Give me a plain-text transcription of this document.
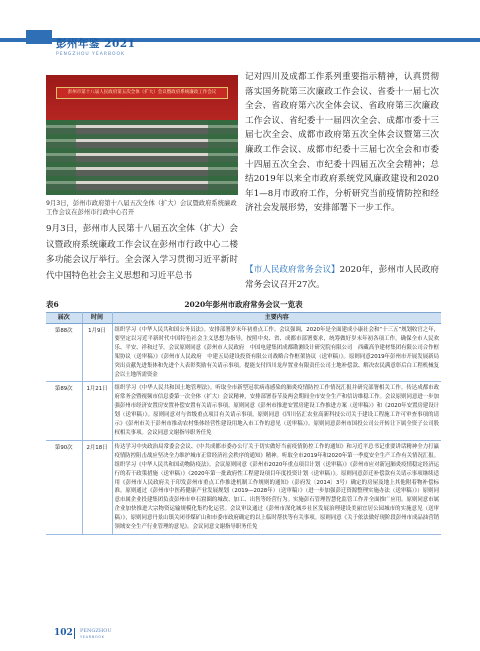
彭州年鉴 2021
PENGZHOU YEARBOOK
彭州市第十八届人民政府第五次全体（扩大）会议暨政府系统廉政工作会议
9月3日，彭州市政府第十八届五次全体（扩大）会议暨政府系统廉政工作会议在彭州市行政中心召开
9月3日，彭州市人民第十八届五次全体（扩大）会议暨政府系统廉政工作会议在彭州市行政中心二楼多功能会议厅举行。全会深入学习贯彻习近平新时代中国特色社会主义思想和习近平总书
记对四川及成都工作系列重要指示精神，认真贯彻落实国务院第三次廉政工作会议、省委十一届七次全会、省政府第六次全体会议、省政府第三次廉政工作会议、省纪委十一届四次全会、成都市委十三届七次全会、成都市政府第五次全体会议暨第三次廉政工作会议、成都市纪委十三届七次全会和市委十四届五次全会、市纪委十四届五次全会精神；总结2019年以来全市政府系统党风廉政建设和2020年1—8月市政府工作，分析研究当前疫情防控和经济社会发展形势，安排部署下一步工作。
【市人民政府常务会议】2020年，彭州市人民政府常务会议召开27次。
表6	2020年彭州市政府常务会议一览表
届次	时间	主要内容
第88次	1月9日	组织学习《中华人民共和国公务员法》。安排部署岁末年初重点工作。会议强调，2020年是全面建成小康社会和“十三五”规划收官之年，要坚定以习近平新时代中国特色社会主义思想为指导，按照中央、省、成都市部署要求，统筹做好岁末年初各项工作，确保全市人民欢乐、平安、祥和过节。会议原则同意《彭州市人民政府　中国电建集团成都勘测设计研究院有限公司　西藏高争建材集团有限公司合作框架协议（送审稿）》《彭州市人民政府　中建五局建设投资有限公司战略合作框架协议（送审稿）》。原则同意2019年彭州市开展发展新局突出贡献先进集体和先进个人表彰奖励有关请示事项。提能支付四川龙岸置业有限责任公司土地补偿款、解决农民满意彰后白工程机械复会以土地所需资金
第89次	1月21日	组织学习《中华人民共和国土地管理法》。听取全市新型冠状病毒感染的肺炎疫情防控工作情况汇报并研究部署相关工作。传达成都市政府常务会暨视频市信息委第一次全体（扩大）会议精神，安排部署春节及两会期间全市安全生产和信访维稳工作。会议原则同意进一步加强彭州市经济安置房安置补偿安置有关请示事项。原则同意《彭州市推进安置房建设工作推进方案（送审稿）》和《2020年安置房建设计划（送审稿）》。原则同意对与省级重点项目有关请示事项。原则同意《四川伍汇农业高新科技公司关于建设工程施工许可审查事项的请示》《彭州市关于彭州市推动农村集体经营性建设用地入市工作的意见（送审稿）》。原则同意彭州市国投公司公开转让下属全资子公司股权相关事项。会议同意文谢指导职务任免
第90次	2月18日	传达学习中央政治局常委会会议、《中共成都市委办公厅关于切实做好当前疫情防控工作的通知》和习近平总书记重要讲话精神全力打赢疫情防控阻击战应坚决全力维护城市正常经济社会秩序的通知》精神。听取全市2019年和2020年第一季度安全生产工作有关情况汇报。组织学习《中华人民共和国动物防疫法》。会议原则同意《彭州市2020年重点项目计划（送审稿）》《彭州市应对新冠肺炎疫情稳定经济运行的若干政策措施（送审稿）》《2020年第一批政府性工程建设项目年度投资计划（送审稿）》。原则同意彭迁补偿款有关请示事项继续适用《彭州市人民政府关于印发彭州市重点工作推进机制工作规则的通知》（彭府发〔2014〕3号）确定的房屋及地上其他附着物补偿标准。原则通过《彭州市中医药健康产业发展规划（2019—2028年）（送审稿）》（进一步加强彭迁资源整理实施办法（送审稿）》）原则同意市属企业投建集团负责彭州市申石窟圈的城改、加工、出售等经营行为。实施彭石管理智慧化监管工作并全面推广应用。原则同意市属企业加快推进大宗物资运输规模化集约化运营。会议审议通过《彭州市深化城乡社区发展治理建设美丽宜居公园城市的实施意见（送审稿）》，原则同意丹景山镇关闭非煤矿山和市委市政府确定的以上临时帮扶等有关事项。原则同意《关于依法做好现阶段彭州市成品油营销领域安全生产行业管理的意见》。会议同意文谢指导职务任免
102 PENGZHOU
YEARBOOK
